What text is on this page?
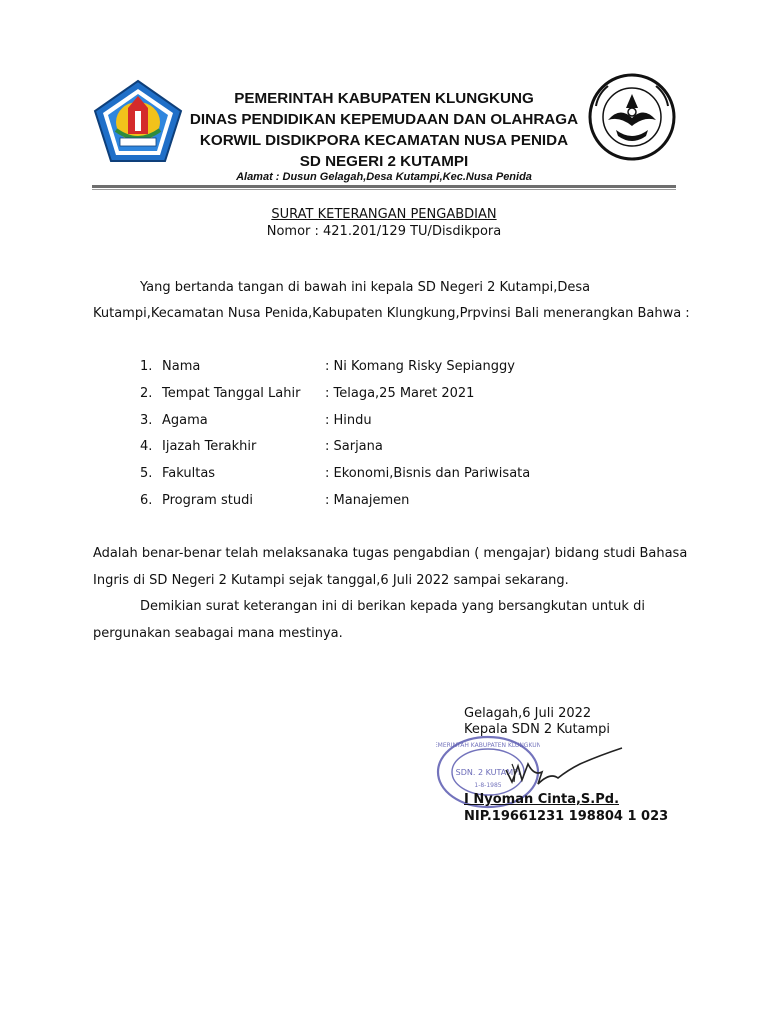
PEMERINTAH KABUPATEN KLUNGKUNG
DINAS PENDIDIKAN KEPEMUDAAN DAN OLAHRAGA
KORWIL DISDIKPORA KECAMATAN NUSA PENIDA
SD NEGERI 2 KUTAMPI
Alamat : Dusun Gelagah,Desa Kutampi,Kec.Nusa Penida
SURAT KETERANGAN PENGABDIAN
Nomor : 421.201/129 TU/Disdikpora
Yang bertanda tangan di bawah ini kepala SD Negeri 2 Kutampi,Desa
Kutampi,Kecamatan Nusa Penida,Kabupaten Klungkung,Prpvinsi Bali menerangkan Bahwa :
1. Nama	: Ni Komang Risky Sepianggy
2. Tempat Tanggal Lahir : Telaga,25 Maret 2021
3. Agama	: Hindu
4. Ijazah Terakhir	: Sarjana
5. Fakultas	: Ekonomi,Bisnis dan Pariwisata
6. Program studi	: Manajemen
Adalah benar-benar telah melaksanaka tugas pengabdian ( mengajar) bidang studi Bahasa
Ingris di SD Negeri 2 Kutampi sejak tanggal,6 Juli 2022 sampai sekarang.
Demikian surat keterangan ini di berikan kepada yang bersangkutan untuk di
pergunakan seabagai mana mestinya.
Gelagah,6 Juli 2022
Kepala SDN 2 Kutampi
PEMERINTAH KABUPATEN KLUNGKUNG
SDN. 2 KUTAMPI
1-8-1985
I Nyoman Cinta,S.Pd.
NIP.19661231 198804 1 023
